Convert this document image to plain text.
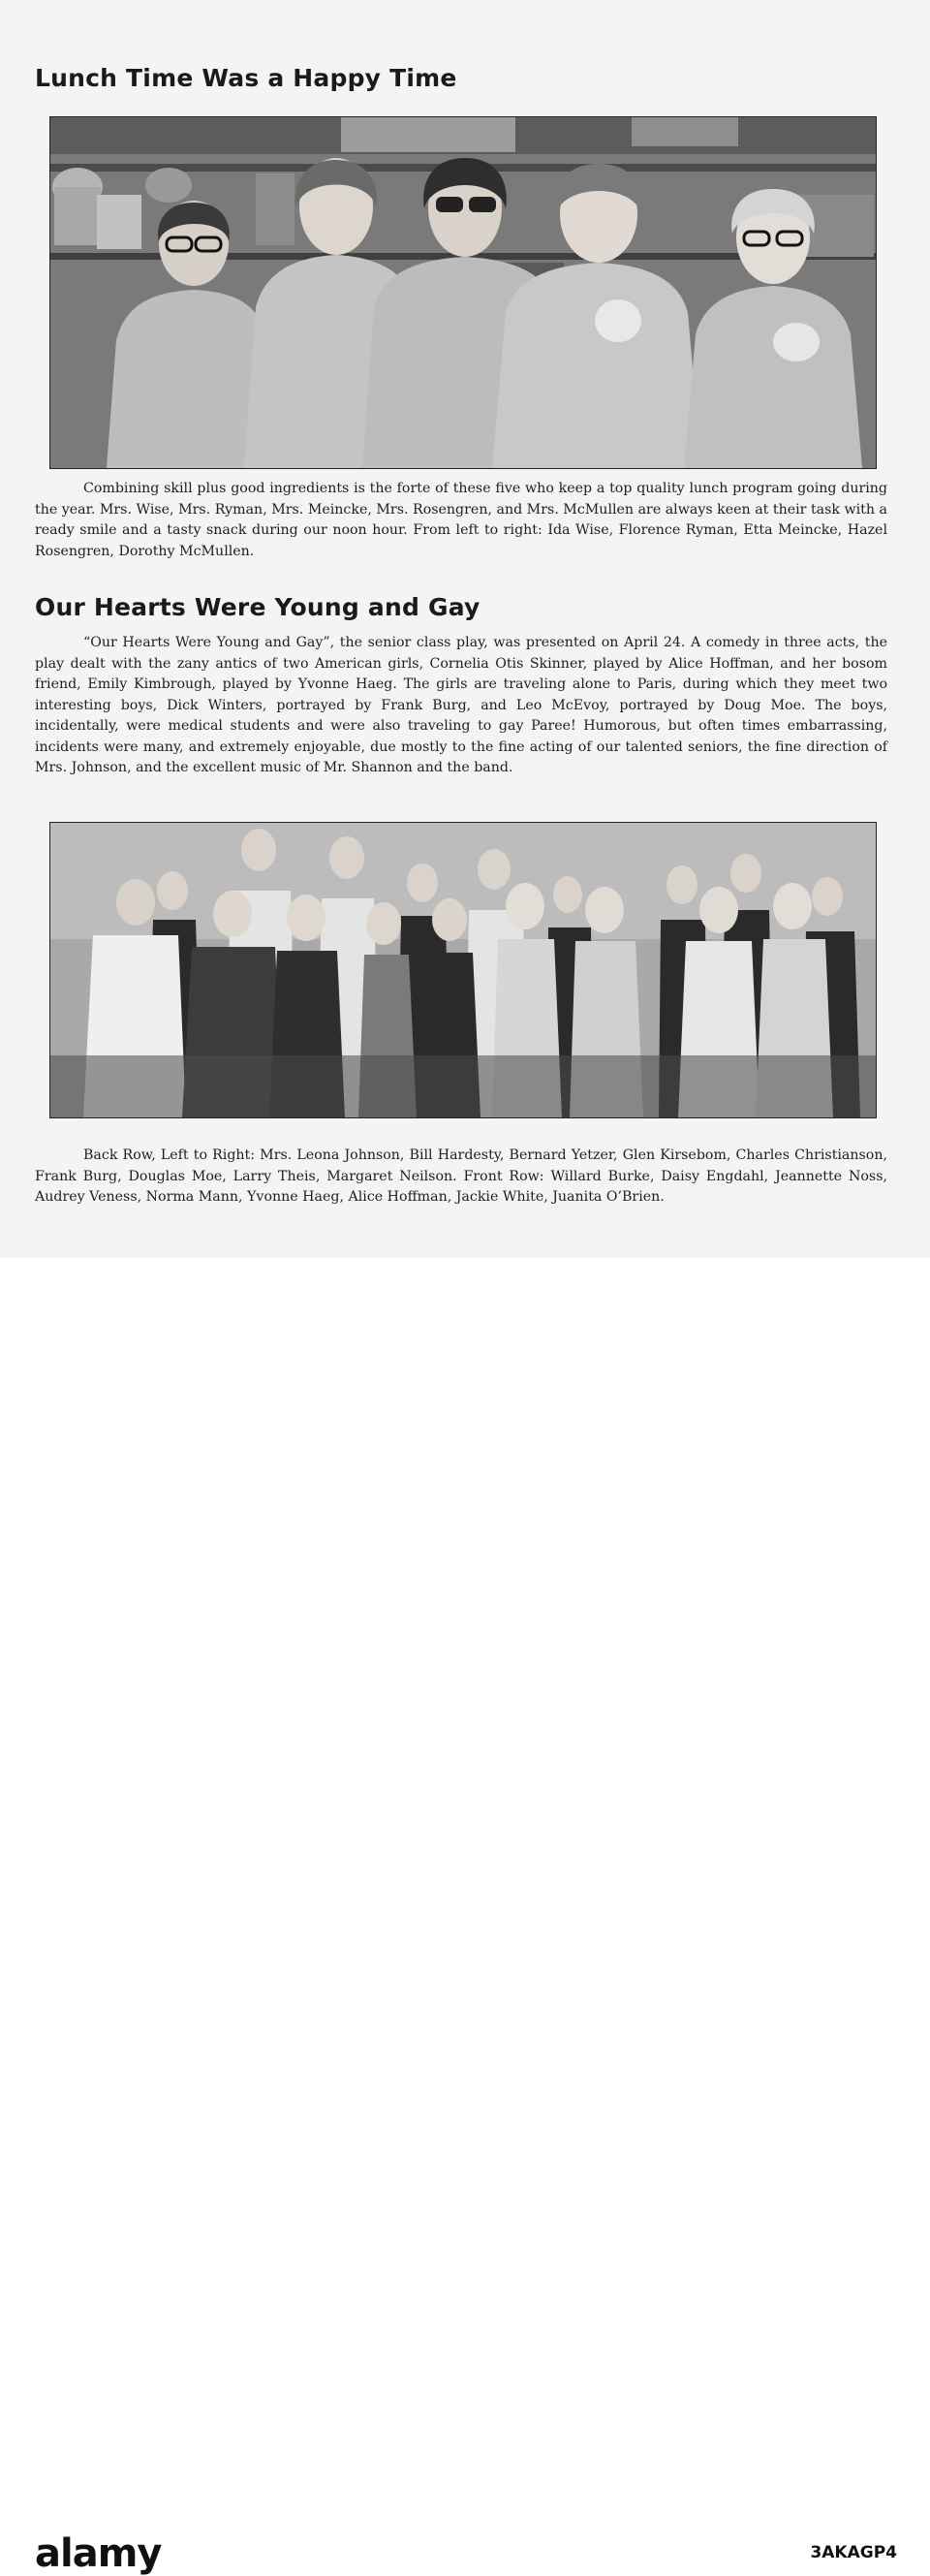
Lunch Time Was a Happy Time

Combining skill plus good ingredients is the forte of these five who keep a top quality lunch program going during the year. Mrs. Wise, Mrs. Ryman, Mrs. Meincke, Mrs. Rosengren, and Mrs. McMullen are always keen at their task with a ready smile and a tasty snack during our noon hour. From left to right: Ida Wise, Florence Ryman, Etta Meincke, Hazel Rosengren, Dorothy McMullen.

Our Hearts Were Young and Gay

“Our Hearts Were Young and Gay”, the senior class play, was presented on April 24. A comedy in three acts, the play dealt with the zany antics of two American girls, Cornelia Otis Skinner, played by Alice Hoffman, and her bosom friend, Emily Kimbrough, played by Yvonne Haeg. The girls are traveling alone to Paris, during which they meet two interesting boys, Dick Winters, portrayed by Frank Burg, and Leo McEvoy, portrayed by Doug Moe. The boys, incidentally, were medical students and were also traveling to gay Paree! Humorous, but often times embarrassing, incidents were many, and extremely enjoyable, due mostly to the fine acting of our talented seniors, the fine direction of Mrs. Johnson, and the excellent music of Mr. Shannon and the band.

Back Row, Left to Right: Mrs. Leona Johnson, Bill Hardesty, Bernard Yetzer, Glen Kirsebom, Charles Christianson, Frank Burg, Douglas Moe, Larry Theis, Margaret Neilson. Front Row: Willard Burke, Daisy Engdahl, Jeannette Noss, Audrey Veness, Norma Mann, Yvonne Haeg, Alice Hoffman, Jackie White, Juanita O’Brien.

alamy	3AKAGP4
